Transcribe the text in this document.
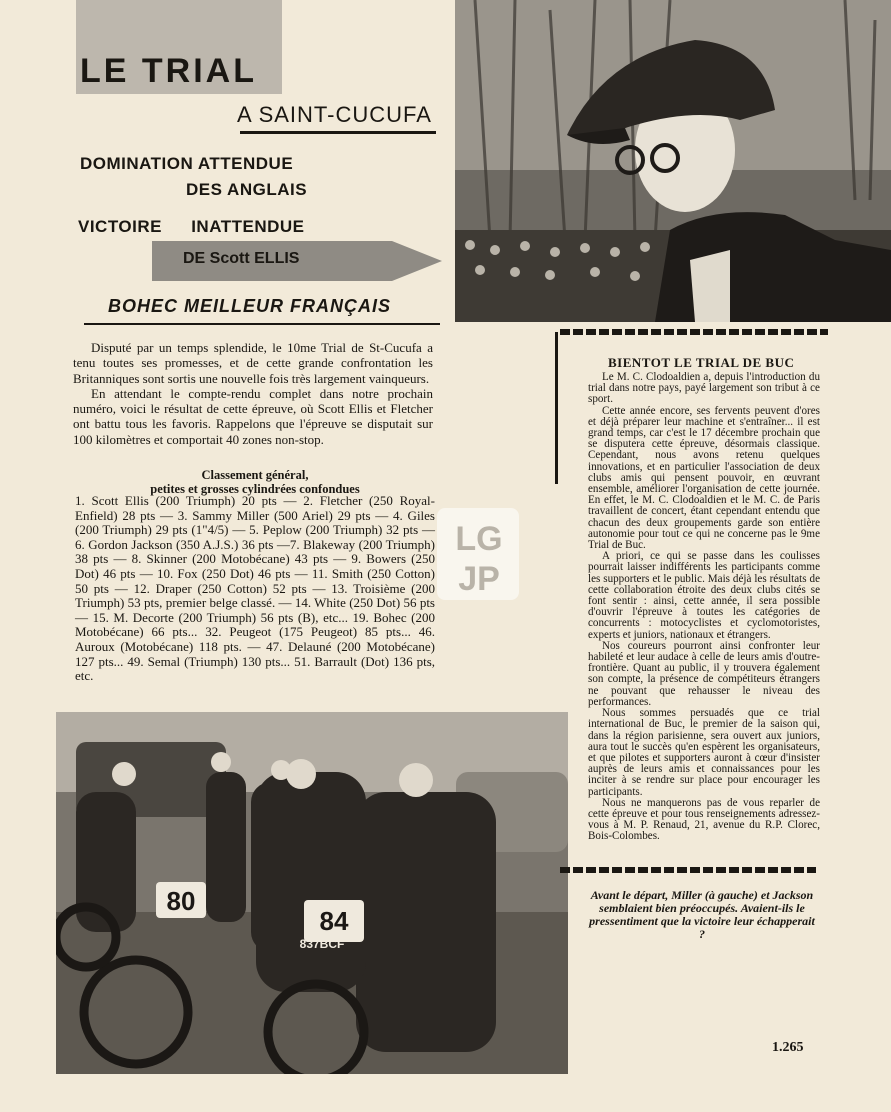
LE TRIAL
A SAINT-CUCUFA
DOMINATION ATTENDUE
DES ANGLAIS
VICTOIRE INATTENDUE
DE Scott ELLIS
BOHEC MEILLEUR FRANÇAIS

Disputé par un temps splendide, le 10me Trial de St-Cucufa a tenu toutes ses promesses, et de cette grande confrontation les Britanniques sont sortis une nouvelle fois très largement vainqueurs.

En attendant le compte-rendu complet dans notre prochain numéro, voici le résultat de cette épreuve, où Scott Ellis et Fletcher ont battu tous les favoris. Rappelons que l'épreuve se disputait sur 100 kilomètres et comportait 40 zones non-stop.

Classement général,
petites et grosses cylindrées confondues

1. Scott Ellis (200 Triumph) 20 pts — 2. Fletcher (250 Royal-Enfield) 28 pts — 3. Sammy Miller (500 Ariel) 29 pts — 4. Giles (200 Triumph) 29 pts (1"4/5) — 5. Peplow (200 Triumph) 32 pts — 6. Gordon Jackson (350 A.J.S.) 36 pts —7. Blakeway (200 Triumph) 38 pts — 8. Skinner (200 Motobécane) 43 pts — 9. Bowers (250 Dot) 46 pts — 10. Fox (250 Dot) 46 pts — 11. Smith (250 Cotton) 50 pts — 12. Draper (250 Cotton) 52 pts — 13. Troisième (200 Triumph) 53 pts, premier belge classé. — 14. White (250 Dot) 56 pts — 15. M. Decorte (200 Triumph) 56 pts (B), etc... 19. Bohec (200 Motobécane) 66 pts... 32. Peugeot (175 Peugeot) 85 pts... 46. Auroux (Motobécane) 118 pts. — 47. Delauné (200 Motobécane) 127 pts... 49. Semal (Triumph) 130 pts... 51. Barrault (Dot) 136 pts, etc.

LG
JP
80
84
837BCF
BIENTOT LE TRIAL DE BUC

Le M. C. Clodoaldien a, depuis l'introduction du trial dans notre pays, payé largement son tribut à ce sport.

Cette année encore, ses fervents peuvent d'ores et déjà préparer leur machine et s'entraîner... il est grand temps, car c'est le 17 décembre prochain que se disputera cette épreuve, désormais classique. Cependant, nous avons retenu quelques innovations, et en particulier l'association de deux clubs amis qui pensent pouvoir, en œuvrant ensemble, améliorer l'organisation de cette journée. En effet, le M. C. Clodoaldien et le M. C. de Paris travaillent de concert, étant cependant entendu que chacun des deux groupements garde son entière autonomie pour tout ce qui ne concerne pas le 9me Trial de Buc.

A priori, ce qui se passe dans les coulisses pourrait laisser indifférents les participants comme les supporters et le public. Mais déjà les résultats de cette collaboration étroite des deux clubs cités se font sentir : ainsi, cette année, il sera possible d'ouvrir l'épreuve à toutes les catégories de concurrents : motocyclistes et cyclomotoristes, experts et juniors, nationaux et étrangers.

Nos coureurs pourront ainsi confronter leur habileté et leur audace à celle de leurs amis d'outre-frontière. Quant au public, il y trouvera également son compte, la présence de compétiteurs étrangers ne pouvant que rehausser le niveau des performances.

Nous sommes persuadés que ce trial international de Buc, le premier de la saison qui, dans la région parisienne, sera ouvert aux juniors, aura tout le succès qu'en espèrent les organisateurs, et que pilotes et supporters auront à cœur d'insister auprès de leurs amis et connaissances pour les inciter à se rendre sur place pour encourager les participants.

Nous ne manquerons pas de vous reparler de cette épreuve et pour tous renseignements adressez-vous à M. P. Renaud, 21, avenue du R.P. Clorec, Bois-Colombes.

Avant le départ, Miller (à gauche) et Jackson semblaient bien préoccupés. Avaient-ils le pressentiment que la victoire leur échapperait ?
1.265
